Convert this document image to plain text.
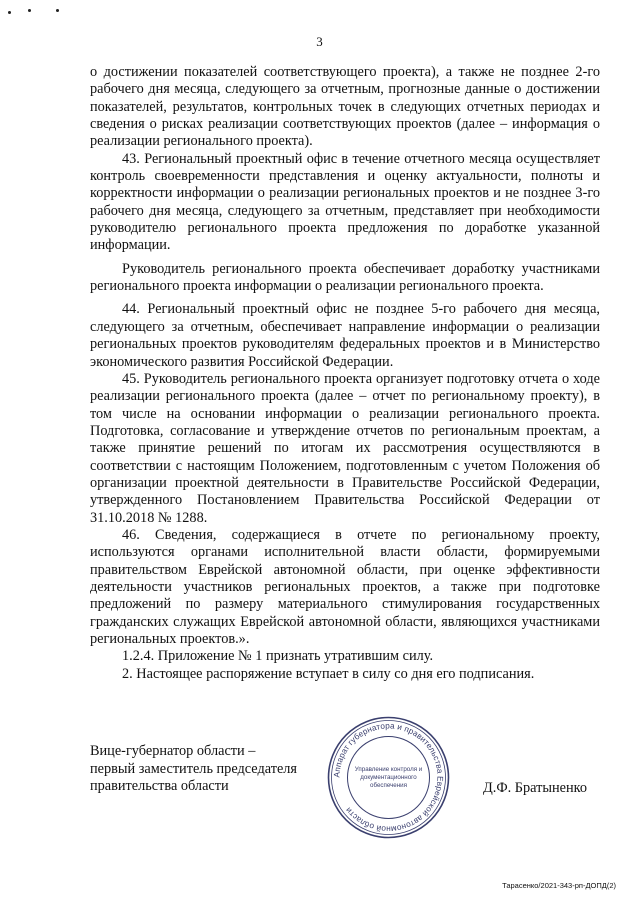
3

о достижении показателей соответствующего проекта), а также не позднее 2-го рабочего дня месяца, следующего за отчетным, прогнозные данные о достижении показателей, результатов, контрольных точек в следующих отчетных периодах и сведения о рисках реализации соответствующих проектов (далее – информация о реализации регионального проекта).

43. Региональный проектный офис в течение отчетного месяца осуществляет контроль своевременности представления и оценку актуальности, полноты и корректности информации о реализации региональных проектов и не позднее 3-го рабочего дня месяца, следующего за отчетным, представляет при необходимости руководителю регионального проекта предложения по доработке указанной информации.

Руководитель регионального проекта обеспечивает доработку участниками регионального проекта информации о реализации регионального проекта.

44. Региональный проектный офис не позднее 5-го рабочего дня месяца, следующего за отчетным, обеспечивает направление информации о реализации региональных проектов руководителям федеральных проектов и в Министерство экономического развития Российской Федерации.

45. Руководитель регионального проекта организует подготовку отчета о ходе реализации регионального проекта (далее – отчет по региональному проекту), в том числе на основании информации о реализации регионального проекта. Подготовка, согласование и утверждение отчетов по региональным проектам, а также принятие решений по итогам их рассмотрения осуществляются в соответствии с настоящим Положением, подготовленным с учетом Положения об организации проектной деятельности в Правительстве Российской Федерации, утвержденного Постановлением Правительства Российской Федерации от 31.10.2018 № 1288.

46. Сведения, содержащиеся в отчете по региональному проекту, используются органами исполнительной власти области, формируемыми правительством Еврейской автономной области, при оценке эффективности деятельности участников региональных проектов, а также при подготовке предложений по размеру материального стимулирования государственных гражданских служащих Еврейской автономной области, являющихся участниками региональных проектов.».

1.2.4. Приложение № 1 признать утратившим силу.

2. Настоящее распоряжение вступает в силу со дня его подписания.

Вице-губернатор области –
первый заместитель председателя
правительства области
Аппарат губернатора и правительства Еврейской автономной области
Управление контроля и
документационного
обеспечения	Д.Ф. Братыненко
Тарасенко/2021-343-рп-ДОПД(2)
